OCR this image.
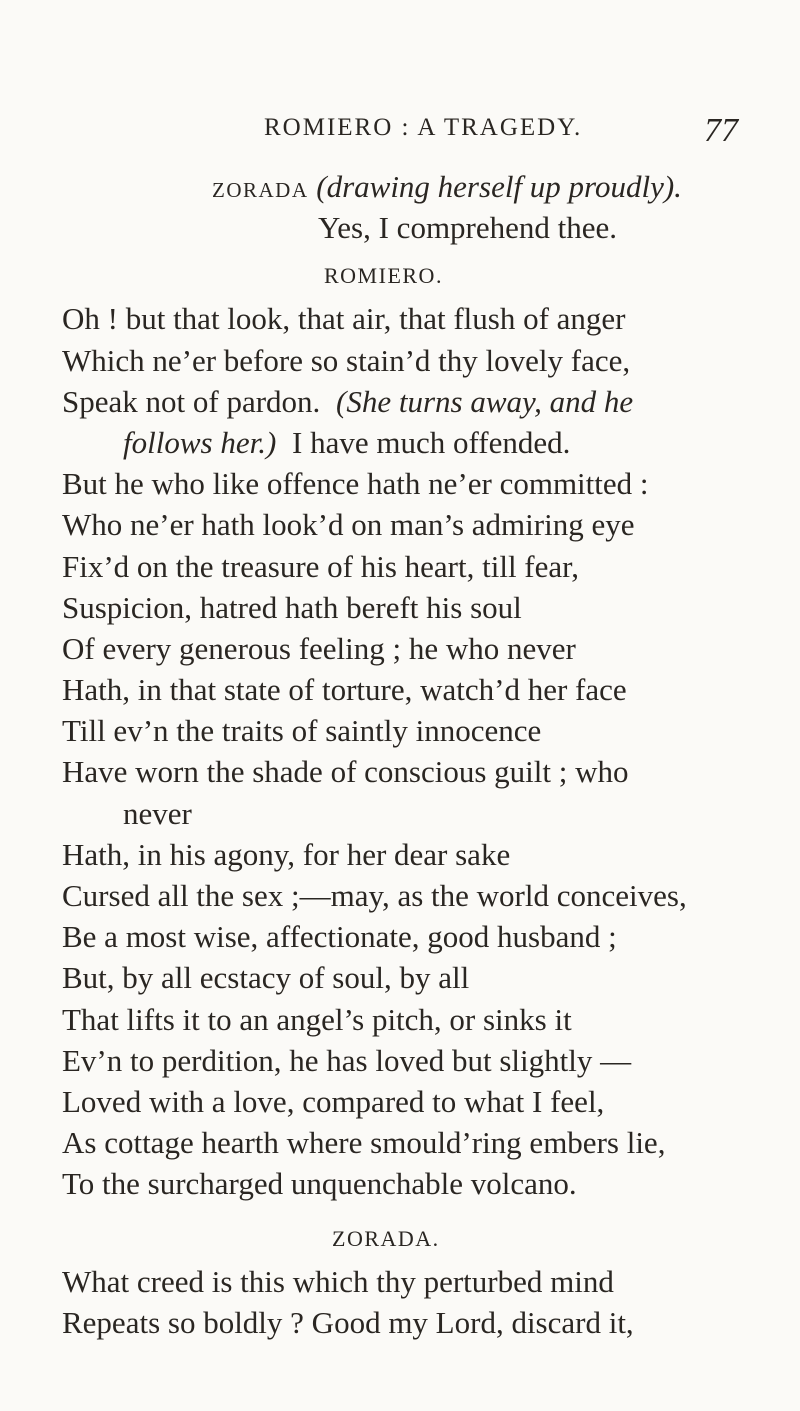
ROMIERO : A TRAGEDY.	77
ZORADA (drawing herself up proudly).
Yes, I comprehend thee.
ROMIERO.
Oh ! but that look, that air, that flush of anger
Which ne’er before so stain’d thy lovely face,
Speak not of pardon. (She turns away, and he
follows her.) I have much offended.
But he who like offence hath ne’er committed :
Who ne’er hath look’d on man’s admiring eye
Fix’d on the treasure of his heart, till fear,
Suspicion, hatred hath bereft his soul
Of every generous feeling ; he who never
Hath, in that state of torture, watch’d her face
Till ev’n the traits of saintly innocence
Have worn the shade of conscious guilt ; who
never
Hath, in his agony, for her dear sake
Cursed all the sex ;—may, as the world conceives,
Be a most wise, affectionate, good husband ;
But, by all ecstacy of soul, by all
That lifts it to an angel’s pitch, or sinks it
Ev’n to perdition, he has loved but slightly —
Loved with a love, compared to what I feel,
As cottage hearth where smould’ring embers lie,
To the surcharged unquenchable volcano.
ZORADA.
What creed is this which thy perturbed mind
Repeats so boldly ? Good my Lord, discard it,
